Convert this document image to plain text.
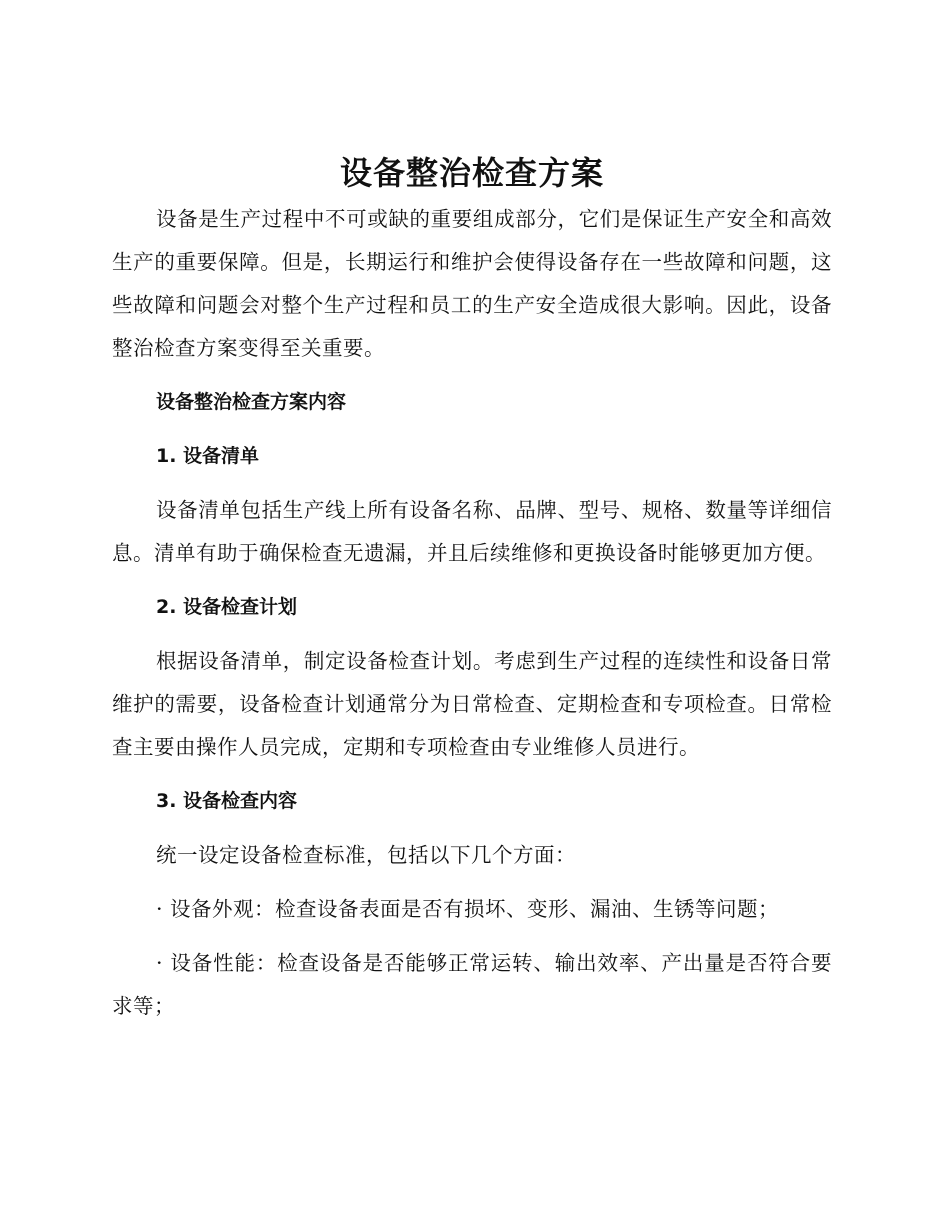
设备整治检查方案

设备是生产过程中不可或缺的重要组成部分，它们是保证生产安全和高效生产的重要保障。但是，长期运行和维护会使得设备存在一些故障和问题，这些故障和问题会对整个生产过程和员工的生产安全造成很大影响。因此，设备整治检查方案变得至关重要。

设备整治检查方案内容
1. 设备清单

设备清单包括生产线上所有设备名称、品牌、型号、规格、数量等详细信息。清单有助于确保检查无遗漏，并且后续维修和更换设备时能够更加方便。

2. 设备检查计划

根据设备清单，制定设备检查计划。考虑到生产过程的连续性和设备日常维护的需要，设备检查计划通常分为日常检查、定期检查和专项检查。日常检查主要由操作人员完成，定期和专项检查由专业维修人员进行。

3. 设备检查内容

统一设定设备检查标准，包括以下几个方面：

· 设备外观：检查设备表面是否有损坏、变形、漏油、生锈等问题；

· 设备性能：检查设备是否能够正常运转、输出效率、产出量是否符合要求等；
